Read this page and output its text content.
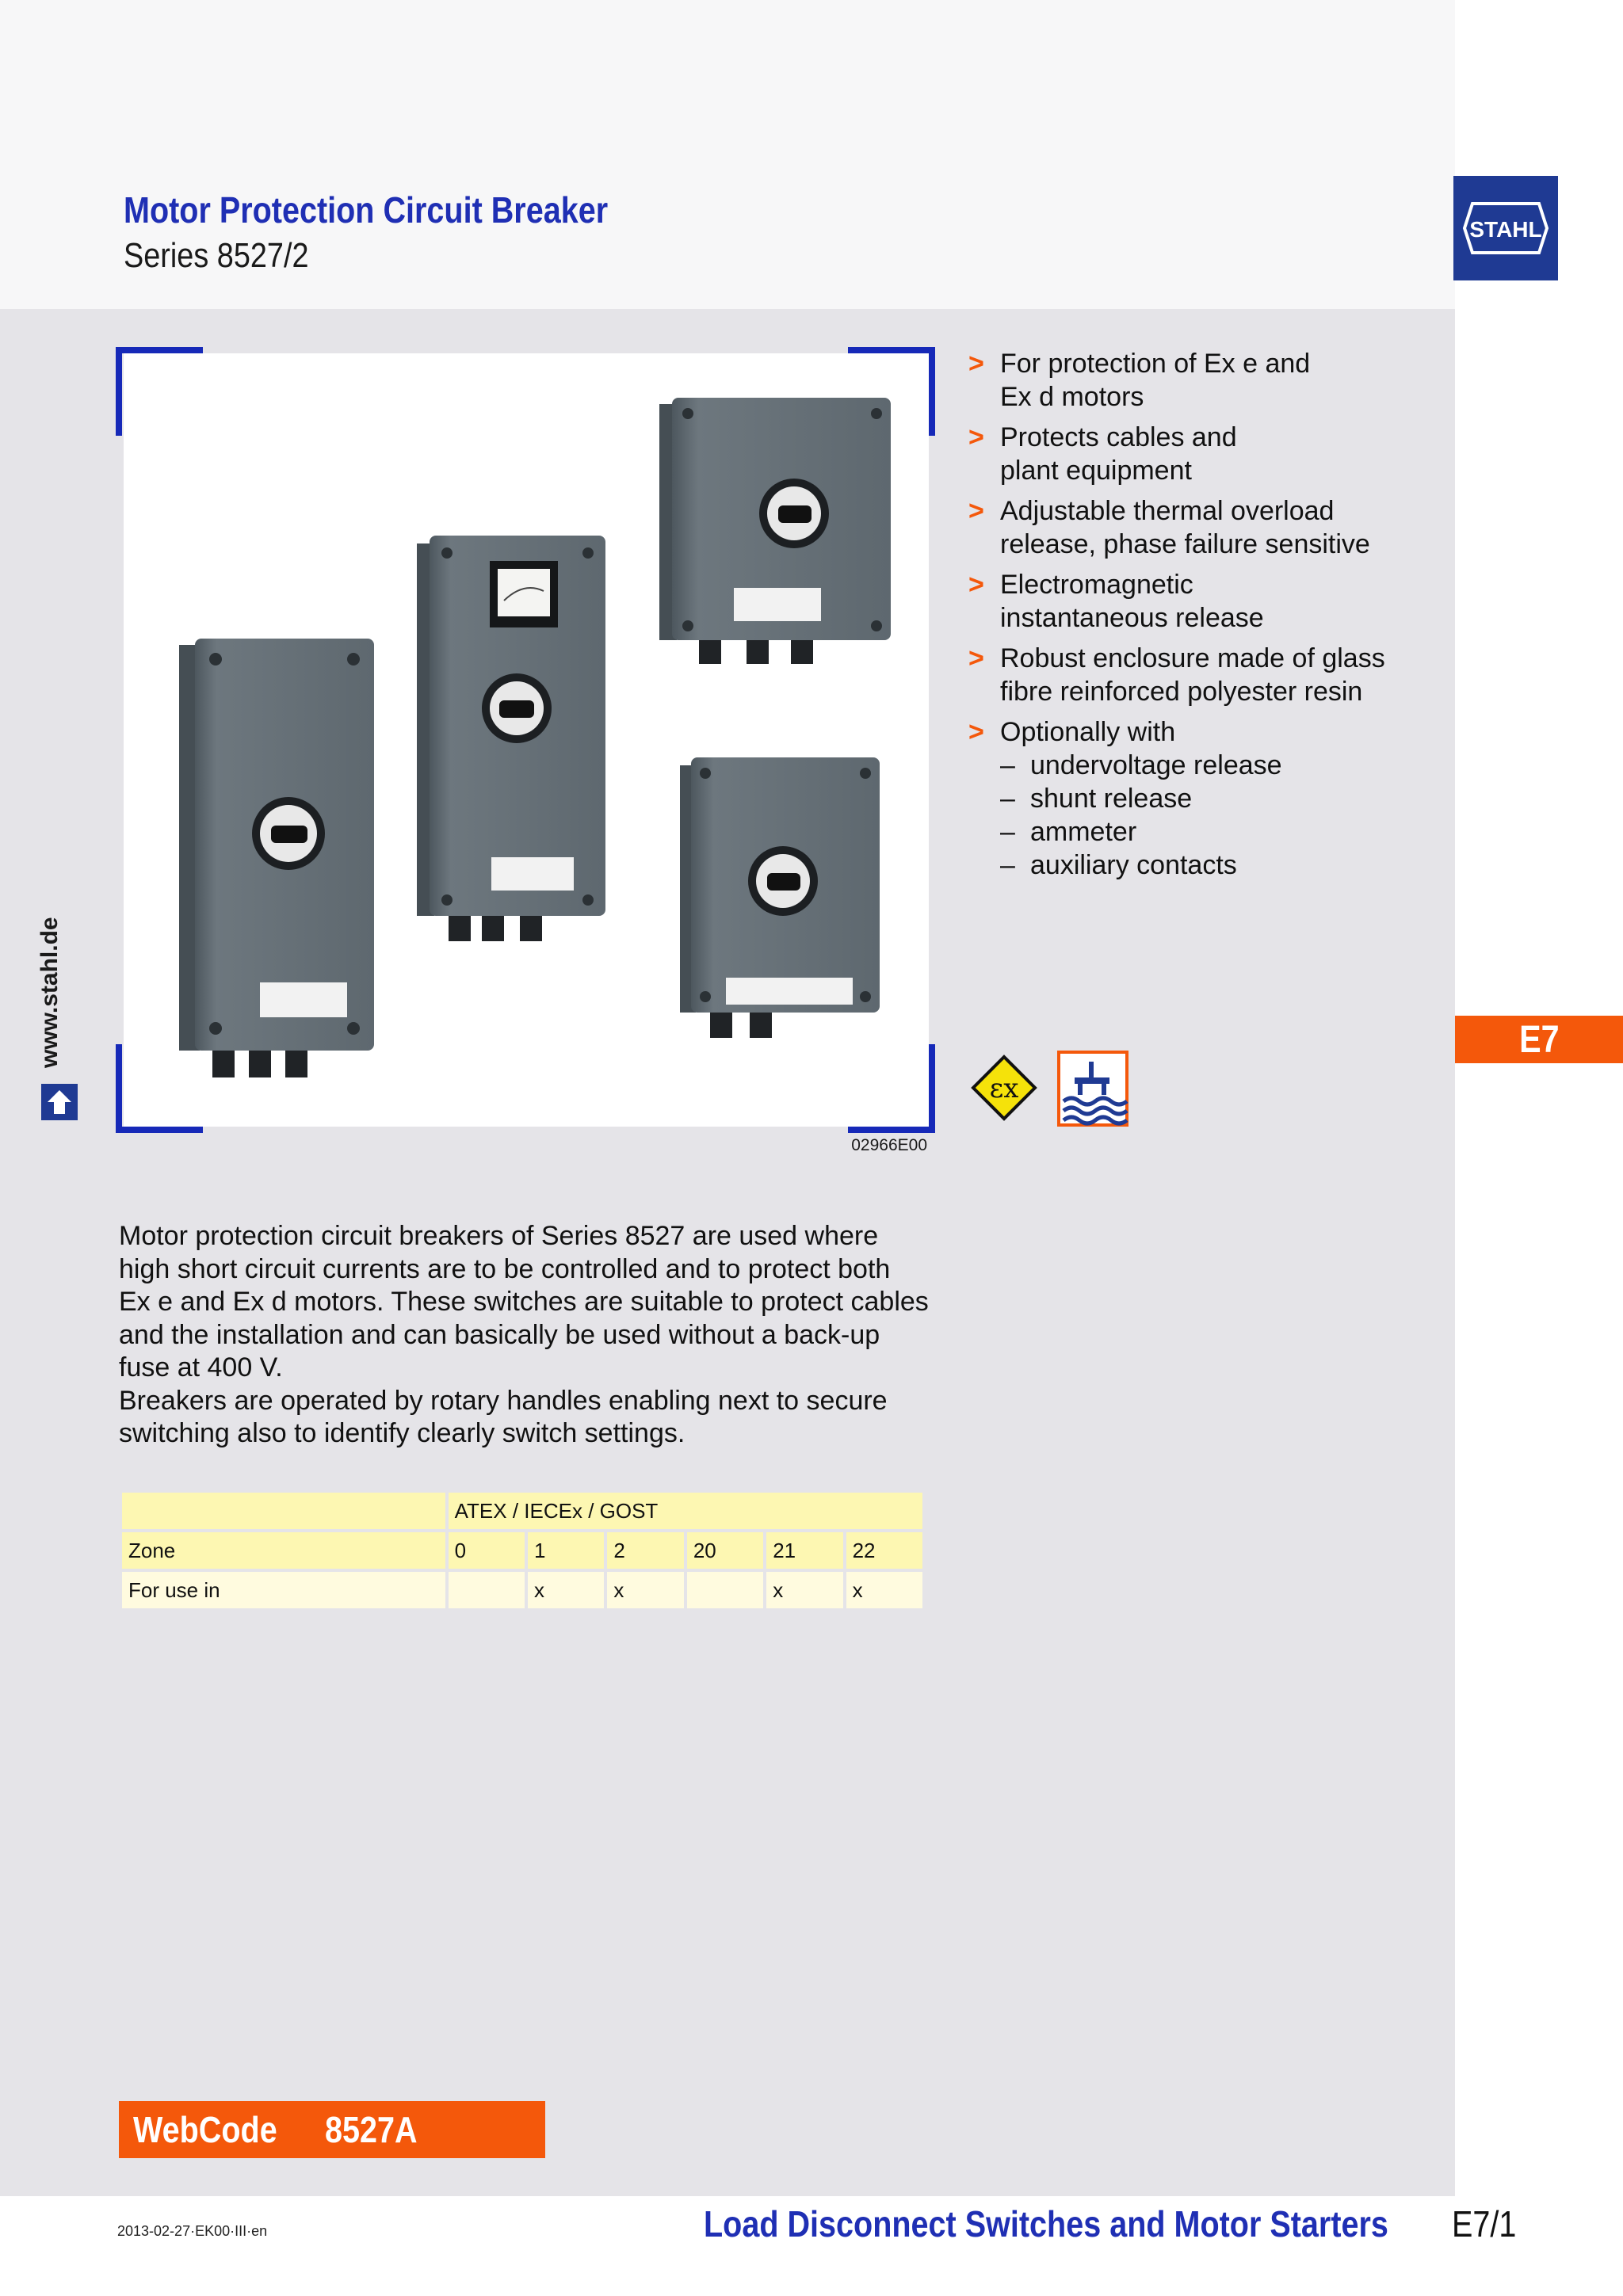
Motor Protection Circuit Breaker
Series 8527/2
STAHL
www.stahl.de	E7
02966E00
> For protection of Ex e and
Ex d motors
> Protects cables and
plant equipment
> Adjustable thermal overload
release, phase failure sensitive
> Electromagnetic
instantaneous release
> Robust enclosure made of glass
fibre reinforced polyester resin
> Optionally with
– undervoltage release
– shunt release
– ammeter
– auxiliary contacts
εx
Motor protection circuit breakers of Series 8527 are used where
high short circuit currents are to be controlled and to protect both
Ex e and Ex d motors. These switches are suitable to protect cables
and the installation and can basically be used without a back-up
fuse at 400 V.
Breakers are operated by rotary handles enabling next to secure
switching also to identify clearly switch settings.
	ATEX / IECEx / GOST					
Zone	0	1	2	20	21	22
For use in		x	x		x	x
WebCode 8527A
2013-02-27·EK00·III·en	Load Disconnect Switches and Motor Starters E7/1
